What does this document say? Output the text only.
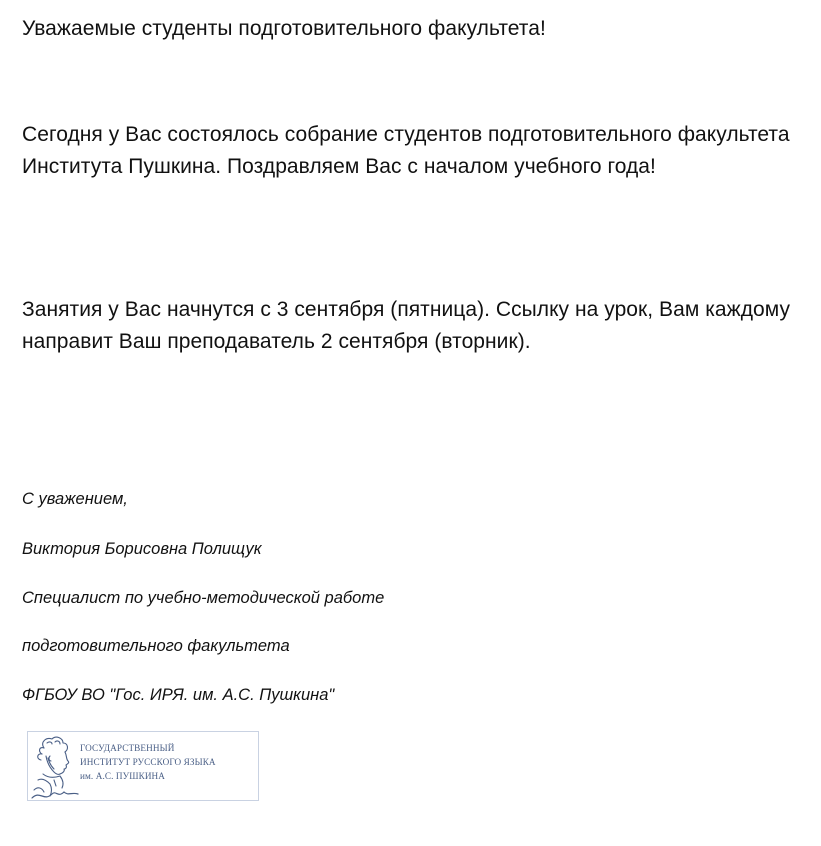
Уважаемые студенты подготовительного факультета!

Сегодня у Вас состоялось собрание студентов подготовительного факультета Института Пушкина. Поздравляем Вас с началом учебного года!

Занятия у Вас начнутся с 3 сентября (пятница). Ссылку на урок, Вам каждому направит Ваш преподаватель 2 сентября (вторник).

С уважением,

Виктория Борисовна Полищук

Специалист по учебно-методической работе

подготовительного факультета

ФГБОУ ВО "Гос. ИРЯ. им. А.С. Пушкина"

ГОСУДАРСТВЕННЫЙ
ИНСТИТУТ РУССКОГО ЯЗЫКА
им. А.С. ПУШКИНА
